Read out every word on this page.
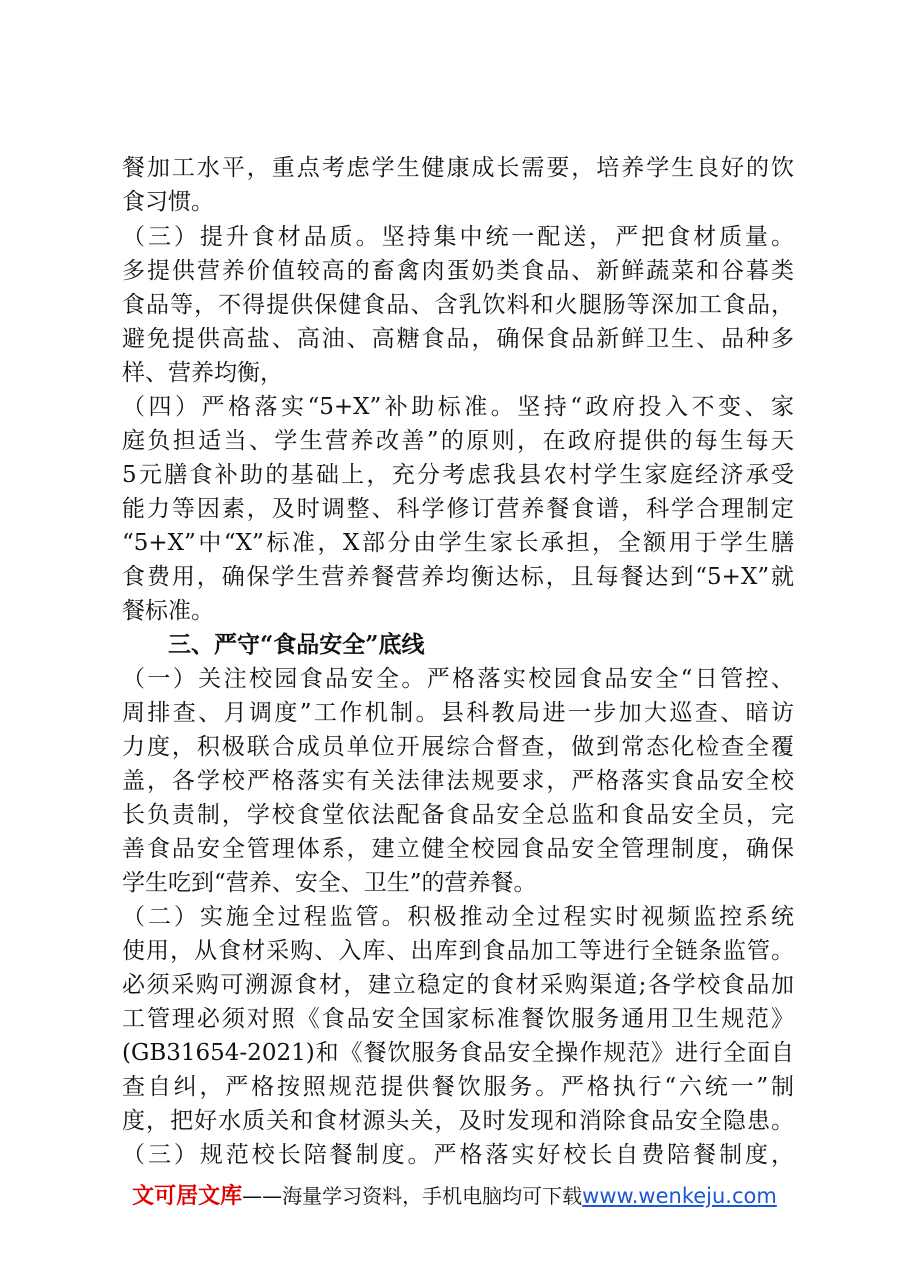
餐加工水平，重点考虑学生健康成长需要，培养学生良好的饮
食习惯。
（三）提升食材品质。坚持集中统一配送，严把食材质量。
多提供营养价值较高的畜禽肉蛋奶类食品、新鲜蔬菜和谷暮类
食品等，不得提供保健食品、含乳饮料和火腿肠等深加工食品，
避免提供高盐、高油、高糖食品，确保食品新鲜卫生、品种多
样、营养均衡，
（四）严格落实“5+X”补助标准。坚持“政府投入不变、家
庭负担适当、学生营养改善”的原则，在政府提供的每生每天
5元膳食补助的基础上，充分考虑我县农村学生家庭经济承受
能力等因素，及时调整、科学修订营养餐食谱，科学合理制定
“5+X”中“X”标准，X部分由学生家长承担，全额用于学生膳
食费用，确保学生营养餐营养均衡达标，且每餐达到“5+X”就
餐标准。
三、严守“食品安全”底线
（一）关注校园食品安全。严格落实校园食品安全“日管控、
周排查、月调度”工作机制。县科教局进一步加大巡查、暗访
力度，积极联合成员单位开展综合督查，做到常态化检查全覆
盖，各学校严格落实有关法律法规要求，严格落实食品安全校
长负责制，学校食堂依法配备食品安全总监和食品安全员，完
善食品安全管理体系，建立健全校园食品安全管理制度，确保
学生吃到“营养、安全、卫生”的营养餐。
（二）实施全过程监管。积极推动全过程实时视频监控系统
使用，从食材采购、入库、出库到食品加工等进行全链条监管。
必须采购可溯源食材，建立稳定的食材采购渠道;各学校食品加
工管理必须对照《食品安全国家标准餐饮服务通用卫生规范》
(GB31654-2021)和《餐饮服务食品安全操作规范》进行全面自
查自纠，严格按照规范提供餐饮服务。严格执行“六统一”制
度，把好水质关和食材源头关，及时发现和消除食品安全隐患。
（三）规范校长陪餐制度。严格落实好校长自费陪餐制度，
文可居文库——海量学习资料，手机电脑均可下载www.wenkeju.com
